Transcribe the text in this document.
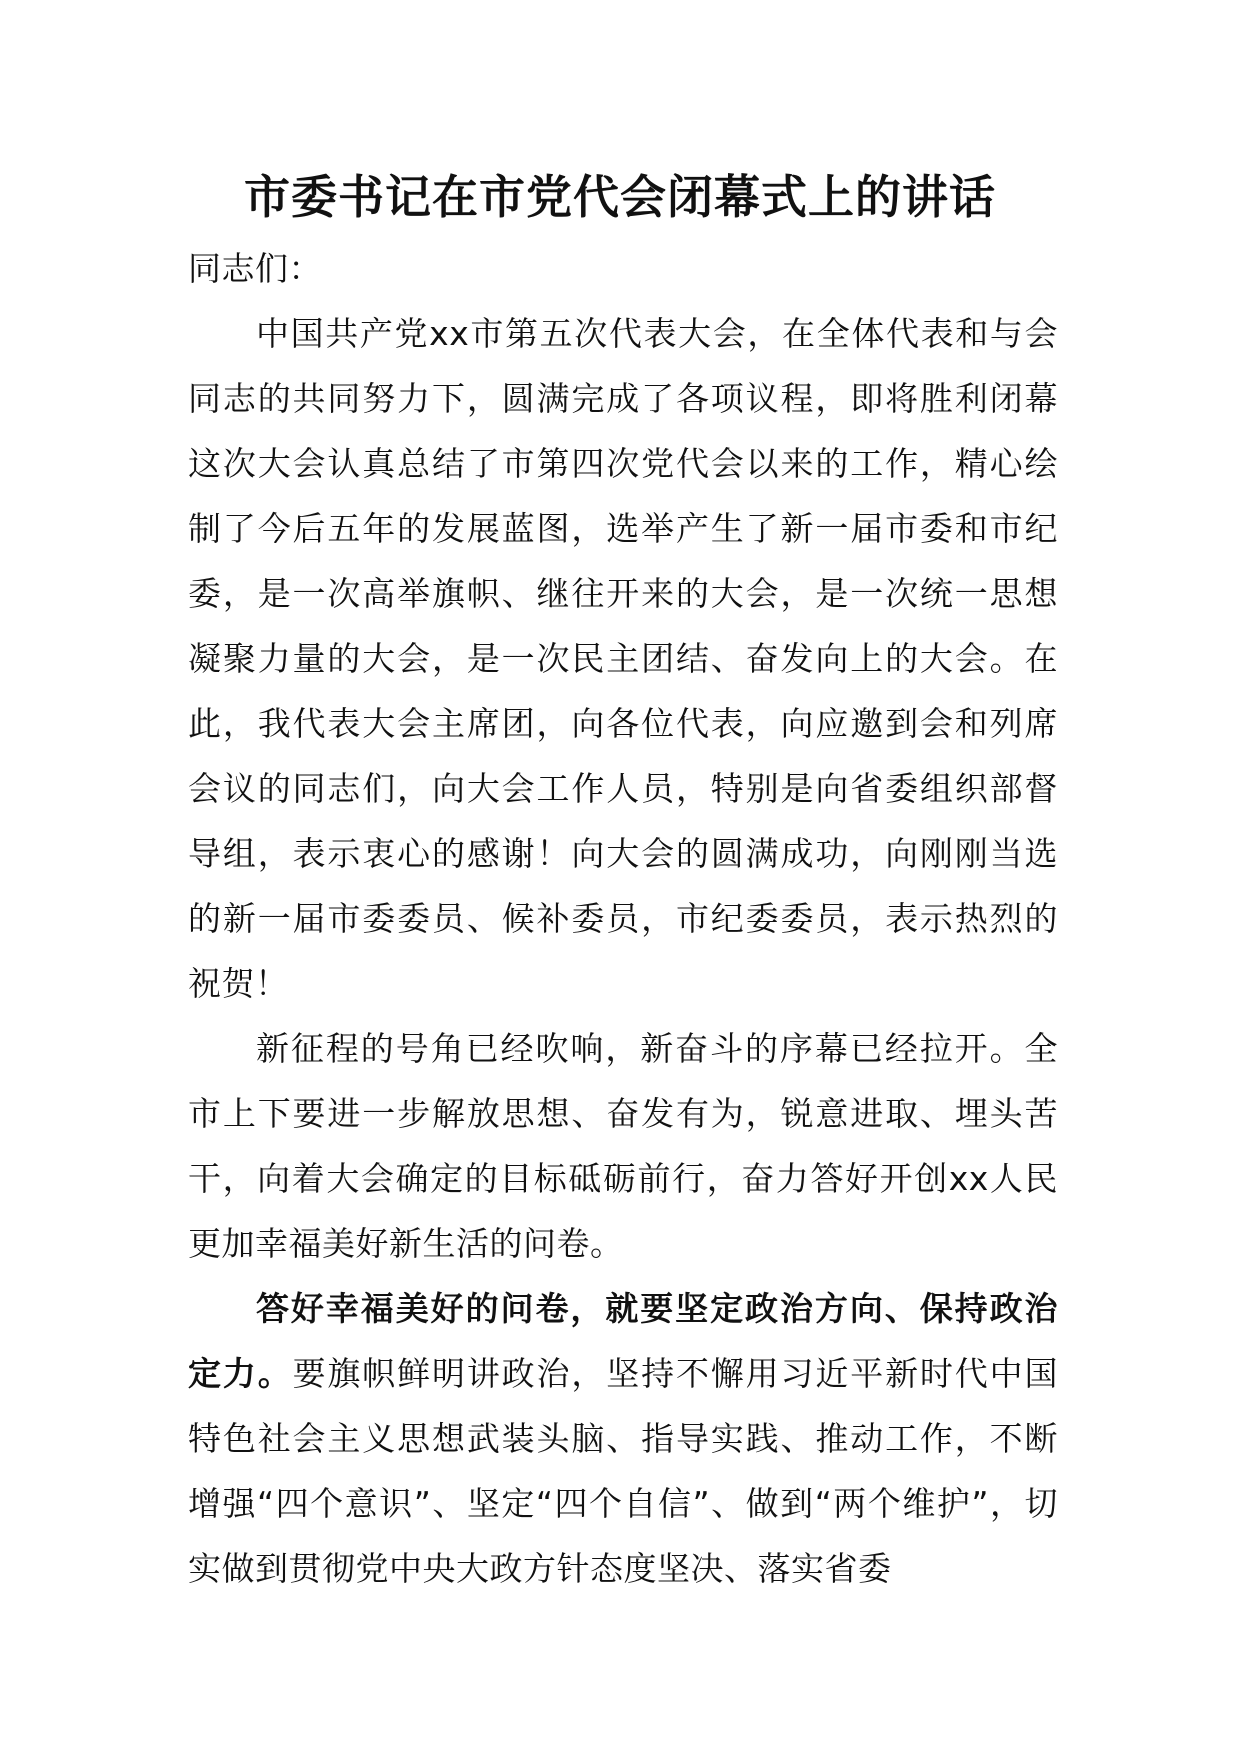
市委书记在市党代会闭幕式上的讲话

同志们：

中国共产党xx市第五次代表大会，在全体代表和与会同志的共同努力下，圆满完成了各项议程，即将胜利闭幕这次大会认真总结了市第四次党代会以来的工作，精心绘制了今后五年的发展蓝图，选举产生了新一届市委和市纪委，是一次高举旗帜、继往开来的大会，是一次统一思想凝聚力量的大会，是一次民主团结、奋发向上的大会。在此，我代表大会主席团，向各位代表，向应邀到会和列席会议的同志们，向大会工作人员，特别是向省委组织部督导组，表示衷心的感谢！向大会的圆满成功，向刚刚当选的新一届市委委员、候补委员，市纪委委员，表示热烈的祝贺！

新征程的号角已经吹响，新奋斗的序幕已经拉开。全市上下要进一步解放思想、奋发有为，锐意进取、埋头苦干，向着大会确定的目标砥砺前行，奋力答好开创xx人民更加幸福美好新生活的问卷。

答好幸福美好的问卷，就要坚定政治方向、保持政治定力。要旗帜鲜明讲政治，坚持不懈用习近平新时代中国特色社会主义思想武装头脑、指导实践、推动工作，不断增强“四个意识”、坚定“四个自信”、做到“两个维护”，切实做到贯彻党中央大政方针态度坚决、落实省委
